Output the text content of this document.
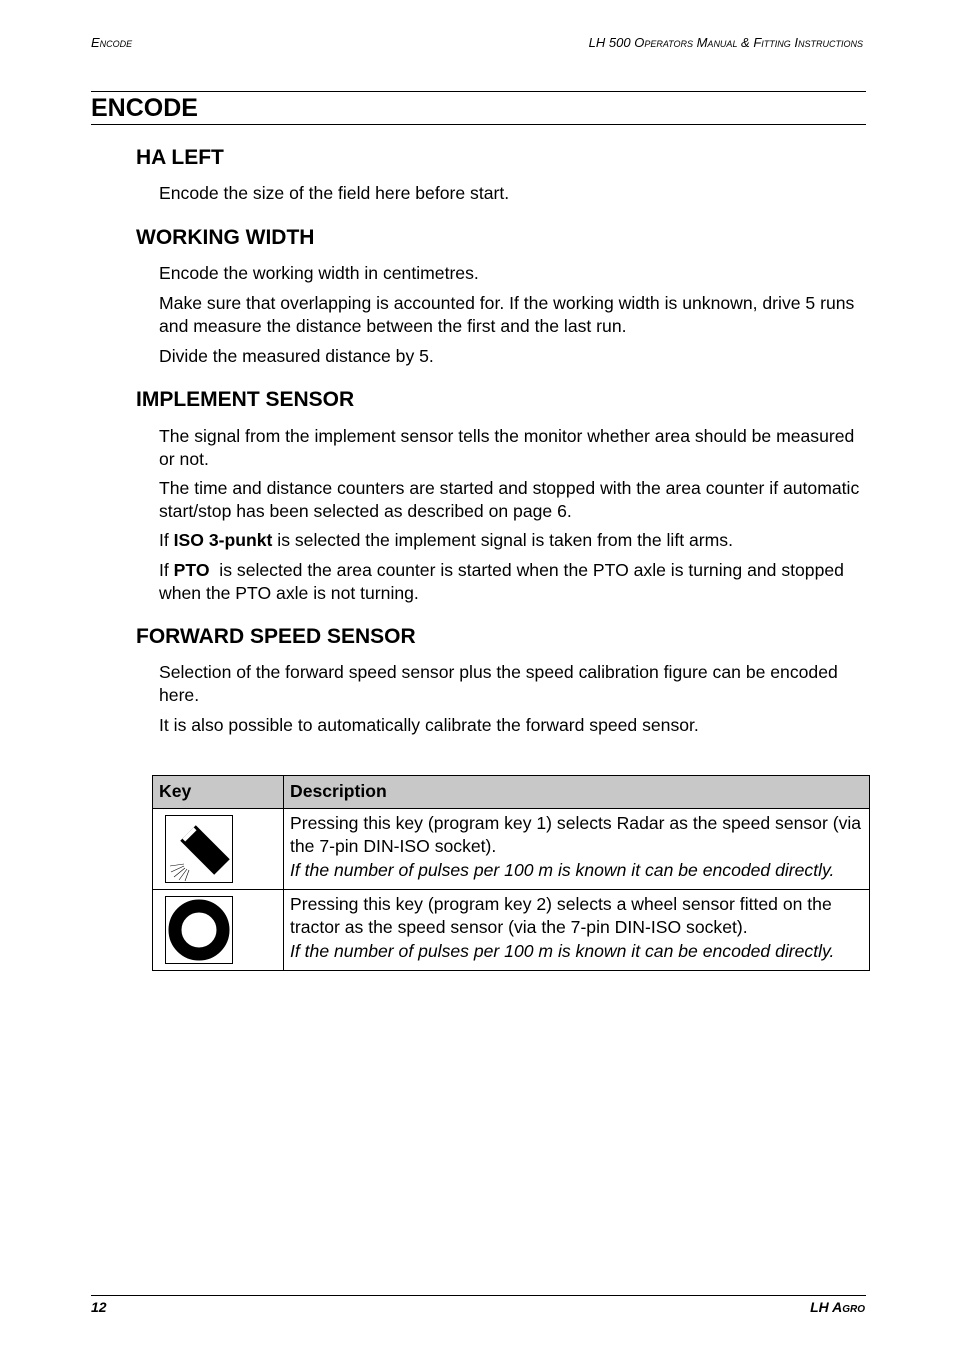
Encode	LH 500 Operators Manual & Fitting Instructions
ENCODE
HA LEFT

Encode the size of the field here before start.

WORKING WIDTH

Encode the working width in centimetres.

Make sure that overlapping is accounted for. If the working width is unknown, drive 5 runs and measure the distance between the first and the last run.

Divide the measured distance by 5.

IMPLEMENT SENSOR

The signal from the implement sensor tells the monitor whether area should be measured or not.

The time and distance counters are started and stopped with the area counter if automatic start/stop has been selected as described on page 6.

If ISO 3-punkt is selected the implement signal is taken from the lift arms.

If PTO  is selected the area counter is started when the PTO axle is turning and stopped when the PTO axle is not turning.

FORWARD SPEED SENSOR

Selection of the forward speed sensor plus the speed calibration figure can be encoded here.

It is also possible to automatically calibrate the forward speed sensor.

Key	Description

Pressing this key (program key 1) selects Radar as the speed sensor (via the 7-pin DIN-ISO socket).
If the number of pulses per 100 m is known it can be encoded directly.

Pressing this key (program key 2) selects a wheel sensor fitted on the tractor as the speed sensor (via the 7-pin DIN-ISO socket).
If the number of pulses per 100 m is known it can be encoded directly.
12	LH Agro
